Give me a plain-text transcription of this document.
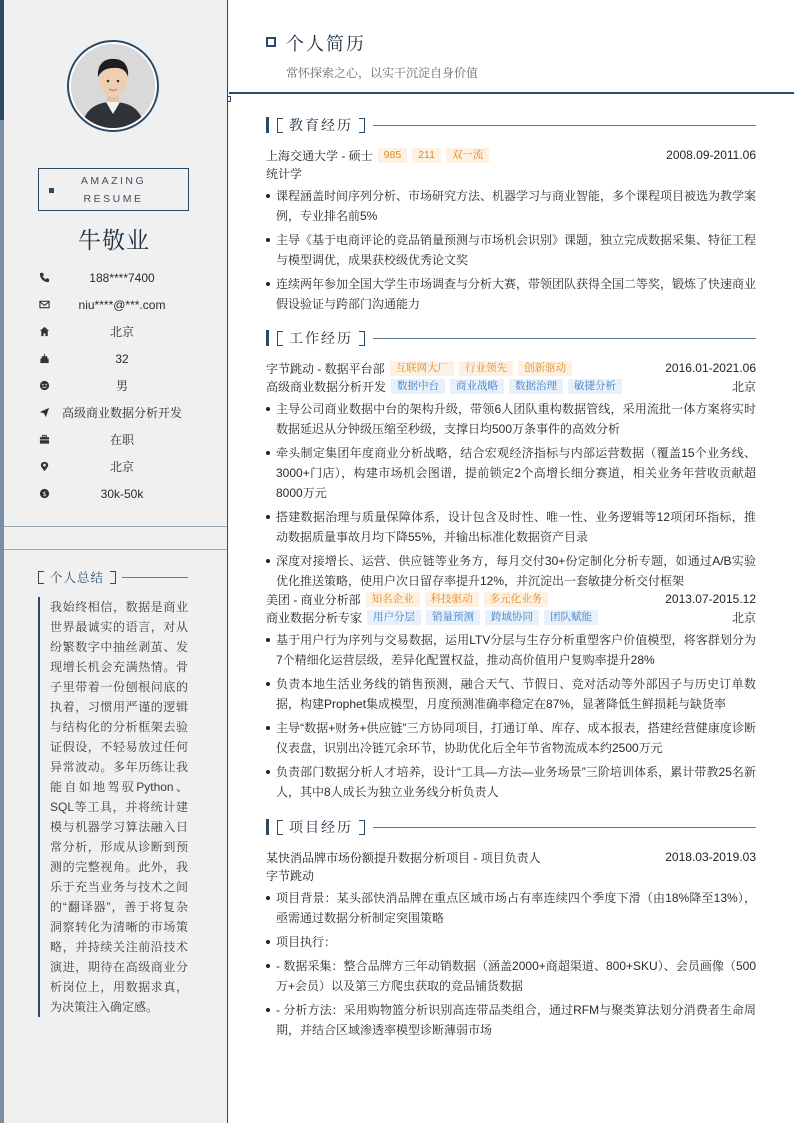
AMAZING RESUME
牛敬业
188****7400
niu****@***.com
北京
32
男
高级商业数据分析开发
在职
北京
$	30k-50k
个人总结
我始终相信，数据是商业世界最诚实的语言，对从纷繁数字中抽丝剥茧、发现增长机会充满热情。骨子里带着一份刨根问底的执着，习惯用严谨的逻辑与结构化的分析框架去验证假设，不轻易放过任何异常波动。多年历练让我能自如地驾驭Python、SQL等工具，并将统计建模与机器学习算法融入日常分析，形成从诊断到预测的完整视角。此外，我乐于充当业务与技术之间的“翻译器”，善于将复杂洞察转化为清晰的市场策略，并持续关注前沿技术演进，期待在高级商业分析岗位上，用数据求真，为决策注入确定感。
个人简历
常怀探索之心，以实干沉淀自身价值
教育经历
上海交通大学 - 硕士	985	211	双一流	2008.09-2011.06
统计学
课程涵盖时间序列分析、市场研究方法、机器学习与商业智能，多个课程项目被选为教学案例，专业排名前5%
主导《基于电商评论的竞品销量预测与市场机会识别》课题，独立完成数据采集、特征工程与模型调优，成果获校级优秀论文奖
连续两年参加全国大学生市场调查与分析大赛，带领团队获得全国二等奖，锻炼了快速商业假设验证与跨部门沟通能力
工作经历
字节跳动 - 数据平台部	互联网大厂	行业领先	创新驱动	2016.01-2021.06
高级商业数据分析开发	数据中台	商业战略	数据治理	敏捷分析	北京
主导公司商业数据中台的架构升级，带领6人团队重构数据管线，采用流批一体方案将实时数据延迟从分钟级压缩至秒级，支撑日均500万条事件的高效分析
牵头制定集团年度商业分析战略，结合宏观经济指标与内部运营数据（覆盖15个业务线、3000+门店），构建市场机会图谱，提前锁定2个高增长细分赛道，相关业务年营收贡献超8000万元
搭建数据治理与质量保障体系，设计包含及时性、唯一性、业务逻辑等12项闭环指标，推动数据质量事故月均下降55%，并输出标准化数据资产目录
深度对接增长、运营、供应链等业务方，每月交付30+份定制化分析专题，如通过A/B实验优化推送策略，使用户次日留存率提升12%，并沉淀出一套敏捷分析交付框架
美团 - 商业分析部	知名企业	科技驱动	多元化业务	2013.07-2015.12
商业数据分析专家	用户分层	销量预测	跨域协同	团队赋能	北京
基于用户行为序列与交易数据，运用LTV分层与生存分析重塑客户价值模型，将客群划分为7个精细化运营层级，差异化配置权益，推动高价值用户复购率提升28%
负责本地生活业务线的销售预测，融合天气、节假日、竞对活动等外部因子与历史订单数据，构建Prophet集成模型，月度预测准确率稳定在87%，显著降低生鲜损耗与缺货率
主导“数据+财务+供应链”三方协同项目，打通订单、库存、成本报表，搭建经营健康度诊断仪表盘，识别出冷链冗余环节，协助优化后全年节省物流成本约2500万元
负责部门数据分析人才培养，设计“工具—方法—业务场景”三阶培训体系，累计带教25名新人，其中8人成长为独立业务线分析负责人
项目经历
某快消品牌市场份额提升数据分析项目 - 项目负责人	2018.03-2019.03
字节跳动
项目背景：某头部快消品牌在重点区域市场占有率连续四个季度下滑（由18%降至13%），亟需通过数据分析制定突围策略
项目执行：
- 数据采集：整合品牌方三年动销数据（涵盖2000+商超渠道、800+SKU）、会员画像（500万+会员）以及第三方爬虫获取的竞品铺货数据
- 分析方法：采用购物篮分析识别高连带品类组合，通过RFM与聚类算法划分消费者生命周期，并结合区域渗透率模型诊断薄弱市场
